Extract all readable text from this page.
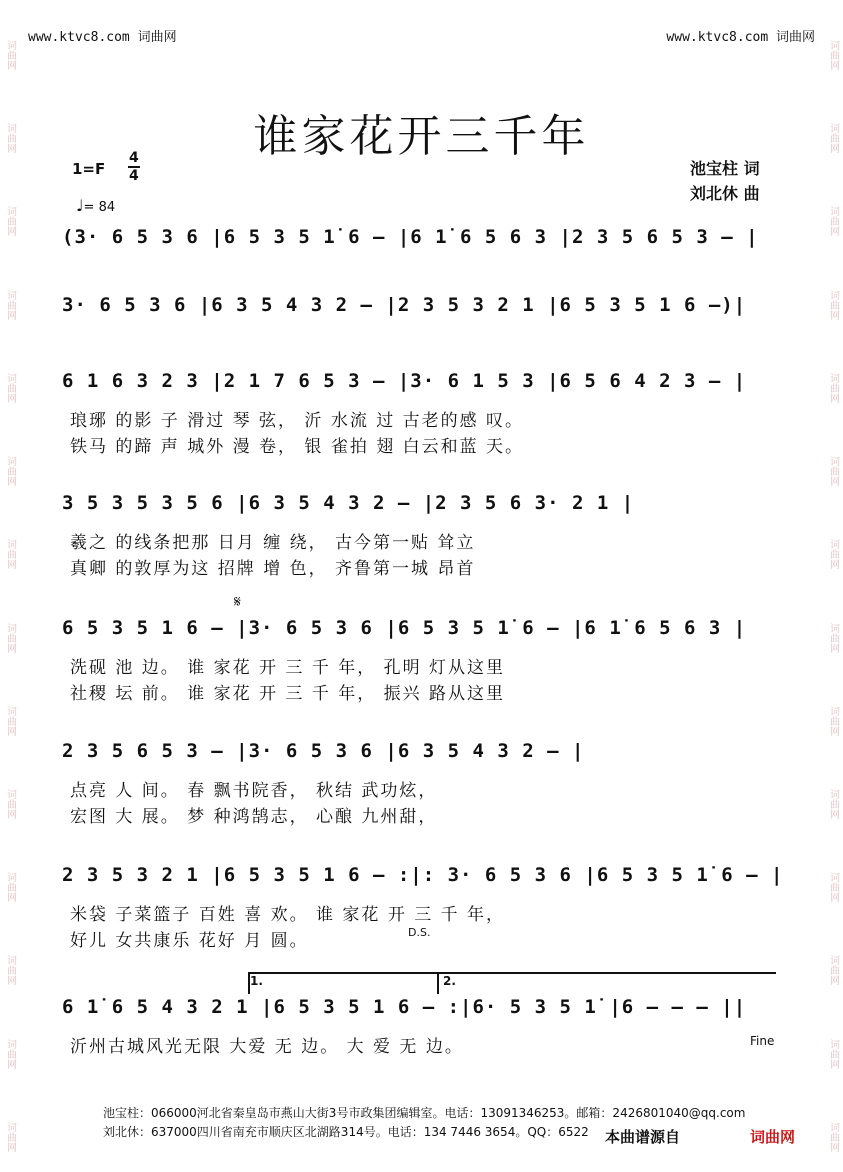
www.ktvc8.com 词曲网	www.ktvc8.com 词曲网
词曲网
词曲网
词曲网
词曲网
词曲网
词曲网
词曲网
词曲网
词曲网
词曲网
词曲网
词曲网
词曲网
词曲网
词曲网
词曲网
词曲网
词曲网
词曲网
词曲网
词曲网
词曲网
词曲网
词曲网
词曲网
词曲网
词曲网
词曲网
谁家花开三千年
1=F
4
4
♩= 84
池宝柱 词
刘北休 曲
(3· 6 5 3 6 |6 5 3 5 1̇ 6 – |6 1̇ 6 5 6 3 |2 3 5 6 5 3 – |
3· 6 5 3 6 |6 3 5 4 3 2 – |2 3 5 3 2 1 |6 5 3 5 1 6 –)|
6 1 6 3 2 3 |2 1 7 6 5 3 – |3· 6 1 5 3 |6 5 6 4 2 3 – |
琅琊 的影 子 滑过 琴 弦， 沂 水流 过 古老的感 叹。
铁马 的蹄 声 城外 漫 卷， 银 雀拍 翅 白云和蓝 天。
3 5 3 5 3 5 6 |6 3 5 4 3 2 – |2 3 5 6 3· 2 1 |
羲之 的线条把那 日月 缠 绕， 古今第一贴 耸立
真卿 的敦厚为这 招牌 增 色， 齐鲁第一城 昂首
6 5 3 5 1 6 – |3· 6 5 3 6 |6 5 3 5 1̇ 6 – |6 1̇ 6 5 6 3 |
洗砚 池 边。 谁 家花 开 三 千 年， 孔明 灯从这里
社稷 坛 前。 谁 家花 开 三 千 年， 振兴 路从这里
2 3 5 6 5 3 – |3· 6 5 3 6 |6 3 5 4 3 2 – |
点亮 人 间。 春 飘书院香， 秋结 武功炫，
宏图 大 展。 梦 种鸿鹄志， 心酿 九州甜，
2 3 5 3 2 1 |6 5 3 5 1 6 – :|: 3· 6 5 3 6 |6 5 3 5 1̇ 6 – |
米袋 子菜篮子 百姓 喜 欢。 谁 家花 开 三 千 年，
好儿 女共康乐 花好 月 圆。
6 1̇ 6 5 4 3 2 1 |6 5 3 5 1 6 – :|6· 5 3 5 1̇ |6 – – – ||
沂州古城风光无限 大爱 无 边。 大 爱 无 边。
𝄋
D.S.
Fine
1.	2.
池宝柱：066000河北省秦皇岛市燕山大街3号市政集团编辑室。电话：13091346253。邮箱：2426801040@qq.com
刘北休：637000四川省南充市顺庆区北湖路314号。电话：134 7446 3654。QQ：6522 本曲谱源自	词曲网
